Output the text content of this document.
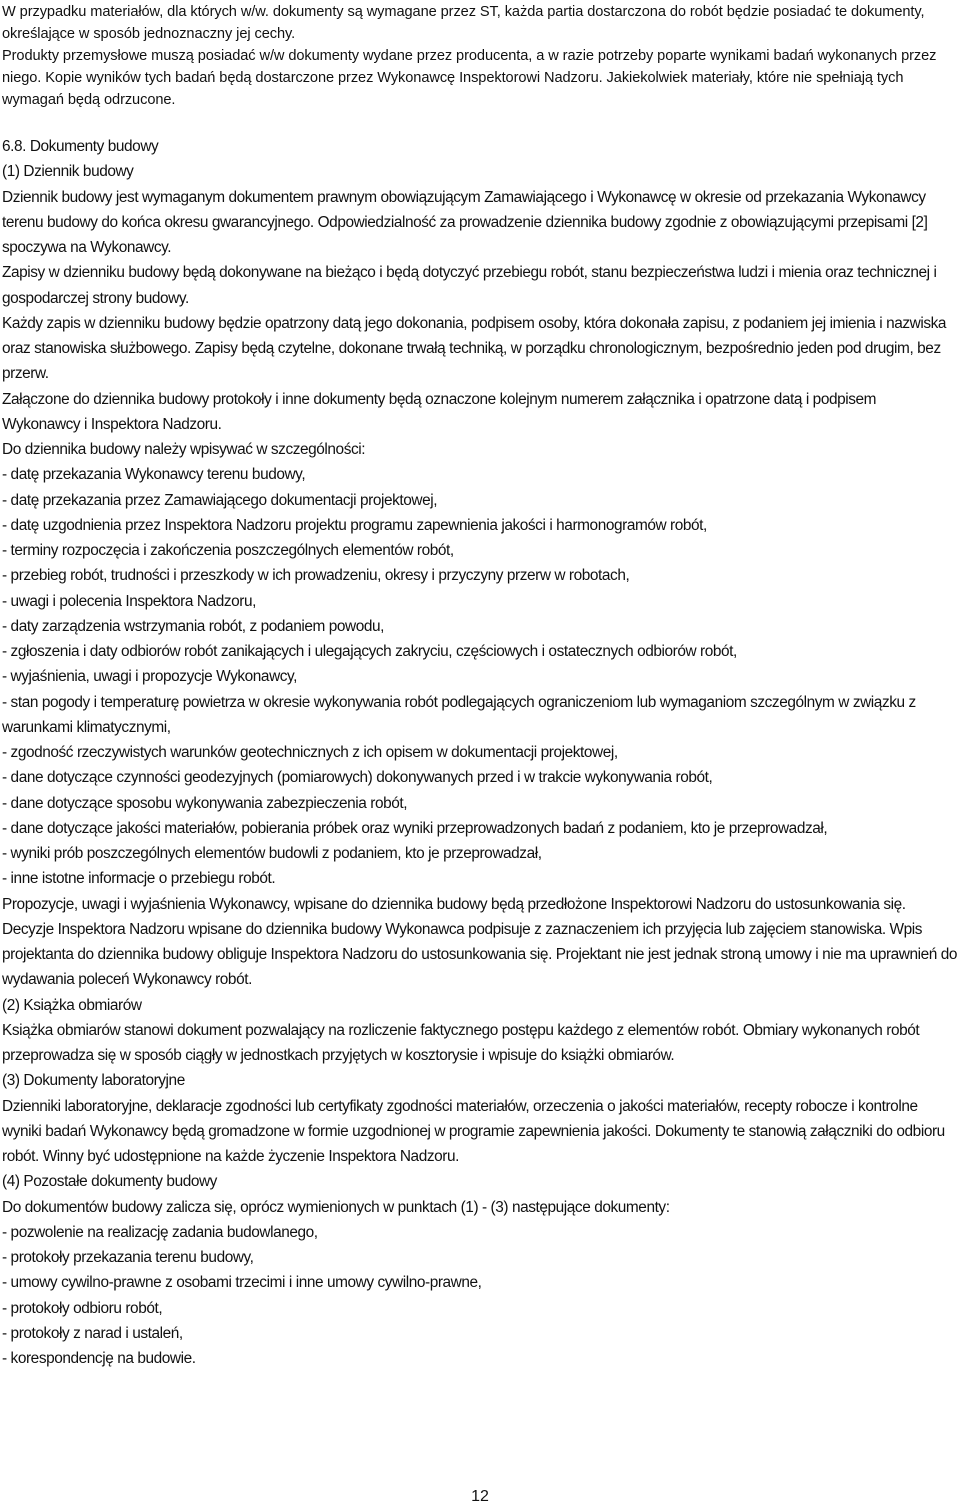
W przypadku materiałów, dla których w/w. dokumenty są wymagane przez ST, każda partia dostarczona do robót będzie posiadać te dokumenty, określające w sposób jednoznaczny jej cechy.

Produkty przemysłowe muszą posiadać w/w dokumenty wydane przez producenta, a w razie potrzeby poparte wynikami badań wykonanych przez niego. Kopie wyników tych badań będą dostarczone przez Wykonawcę Inspektorowi Nadzoru. Jakiekolwiek materiały, które nie spełniają tych wymagań będą odrzucone.

6.8. Dokumenty budowy

(1) Dziennik budowy

Dziennik budowy jest wymaganym dokumentem prawnym obowiązującym Zamawiającego i Wykonawcę w okresie od przekazania Wykonawcy terenu budowy do końca okresu gwarancyjnego. Odpowiedzialność za prowadzenie dziennika budowy zgodnie z obowiązującymi przepisami [2] spoczywa na Wykonawcy.

Zapisy w dzienniku budowy będą dokonywane na bieżąco i będą dotyczyć przebiegu robót, stanu bezpieczeństwa ludzi i mienia oraz technicznej i gospodarczej strony budowy.

Każdy zapis w dzienniku budowy będzie opatrzony datą jego dokonania, podpisem osoby, która dokonała zapisu, z podaniem jej imienia i nazwiska oraz stanowiska służbowego. Zapisy będą czytelne, dokonane trwałą techniką, w porządku chronologicznym, bezpośrednio jeden pod drugim, bez przerw.

Załączone do dziennika budowy protokoły i inne dokumenty będą oznaczone kolejnym numerem załącznika i opatrzone datą i podpisem Wykonawcy i Inspektora Nadzoru.

Do dziennika budowy należy wpisywać w szczególności:

- datę przekazania Wykonawcy terenu budowy,

- datę przekazania przez Zamawiającego dokumentacji projektowej,

- datę uzgodnienia przez Inspektora Nadzoru projektu programu zapewnienia jakości i harmonogramów robót,

- terminy rozpoczęcia i zakończenia poszczególnych elementów robót,

- przebieg robót, trudności i przeszkody w ich prowadzeniu, okresy i przyczyny przerw w robotach,

- uwagi i polecenia Inspektora Nadzoru,

- daty zarządzenia wstrzymania robót, z podaniem powodu,

- zgłoszenia i daty odbiorów robót zanikających i ulegających zakryciu, częściowych i ostatecznych odbiorów robót,

- wyjaśnienia, uwagi i propozycje Wykonawcy,

- stan pogody i temperaturę powietrza w okresie wykonywania robót podlegających ograniczeniom lub wymaganiom szczególnym w związku z warunkami klimatycznymi,

- zgodność rzeczywistych warunków geotechnicznych z ich opisem w dokumentacji projektowej,

- dane dotyczące czynności geodezyjnych (pomiarowych) dokonywanych przed i w trakcie wykonywania robót,

- dane dotyczące sposobu wykonywania zabezpieczenia robót,

- dane dotyczące jakości materiałów, pobierania próbek oraz wyniki przeprowadzonych badań z podaniem, kto je przeprowadzał,

- wyniki prób poszczególnych elementów budowli z podaniem, kto je przeprowadzał,

- inne istotne informacje o przebiegu robót.

Propozycje, uwagi i wyjaśnienia Wykonawcy, wpisane do dziennika budowy będą przedłożone Inspektorowi Nadzoru do ustosunkowania się. Decyzje Inspektora Nadzoru wpisane do dziennika budowy Wykonawca podpisuje z zaznaczeniem ich przyjęcia lub zajęciem stanowiska. Wpis projektanta do dziennika budowy obliguje Inspektora Nadzoru do ustosunkowania się. Projektant nie jest jednak stroną umowy i nie ma uprawnień do wydawania poleceń Wykonawcy robót.

(2) Książka obmiarów

Książka obmiarów stanowi dokument pozwalający na rozliczenie faktycznego postępu każdego z elementów robót. Obmiary wykonanych robót przeprowadza się w sposób ciągły w jednostkach przyjętych w kosztorysie i wpisuje do książki obmiarów.

(3) Dokumenty laboratoryjne

Dzienniki laboratoryjne, deklaracje zgodności lub certyfikaty zgodności materiałów, orzeczenia o jakości materiałów, recepty robocze i kontrolne wyniki badań Wykonawcy będą gromadzone w formie uzgodnionej w programie zapewnienia jakości. Dokumenty te stanowią załączniki do odbioru robót. Winny być udostępnione na każde życzenie Inspektora Nadzoru.

(4) Pozostałe dokumenty budowy

Do dokumentów budowy zalicza się, oprócz wymienionych w punktach (1) - (3) następujące dokumenty:

- pozwolenie na realizację zadania budowlanego,

- protokoły przekazania terenu budowy,

- umowy cywilno-prawne z osobami trzecimi i inne umowy cywilno-prawne,

- protokoły odbioru robót,

- protokoły z narad i ustaleń,

- korespondencję na budowie.

12
